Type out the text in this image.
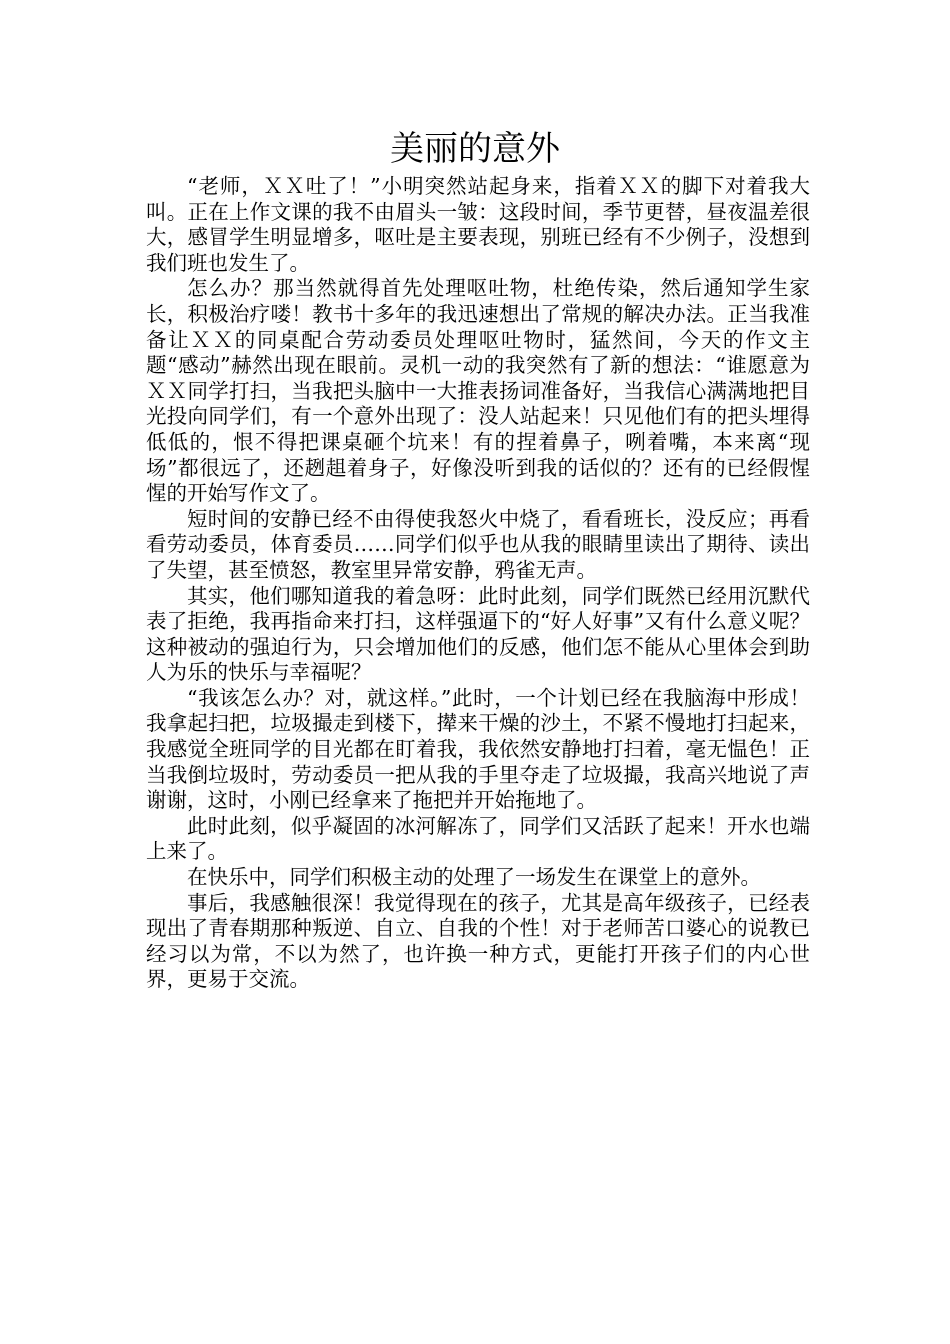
美丽的意外

“老师，ＸＸ吐了！”小明突然站起身来，指着ＸＸ的脚下对着我大叫。正在上作文课的我不由眉头一皱：这段时间，季节更替，昼夜温差很大，感冒学生明显增多，呕吐是主要表现，别班已经有不少例子，没想到我们班也发生了。

怎么办？那当然就得首先处理呕吐物，杜绝传染，然后通知学生家长，积极治疗喽！教书十多年的我迅速想出了常规的解决办法。正当我准备让ＸＸ的同桌配合劳动委员处理呕吐物时，猛然间，今天的作文主题“感动”赫然出现在眼前。灵机一动的我突然有了新的想法：“谁愿意为ＸＸ同学打扫，当我把头脑中一大推表扬词准备好，当我信心满满地把目光投向同学们，有一个意外出现了：没人站起来！只见他们有的把头埋得低低的，恨不得把课桌砸个坑来！有的捏着鼻子，咧着嘴，本来离“现场”都很远了，还趔趄着身子，好像没听到我的话似的？还有的已经假惺惺的开始写作文了。

短时间的安静已经不由得使我怒火中烧了，看看班长，没反应；再看看劳动委员，体育委员……同学们似乎也从我的眼睛里读出了期待、读出了失望，甚至愤怒，教室里异常安静，鸦雀无声。

其实，他们哪知道我的着急呀：此时此刻，同学们既然已经用沉默代表了拒绝，我再指命来打扫，这样强逼下的“好人好事”又有什么意义呢？这种被动的强迫行为，只会增加他们的反感，他们怎不能从心里体会到助人为乐的快乐与幸福呢？

“我该怎么办？对，就这样。”此时，一个计划已经在我脑海中形成！我拿起扫把，垃圾撮走到楼下，撵来干燥的沙土，不紧不慢地打扫起来，我感觉全班同学的目光都在盯着我，我依然安静地打扫着，毫无愠色！正当我倒垃圾时，劳动委员一把从我的手里夺走了垃圾撮，我高兴地说了声谢谢，这时，小刚已经拿来了拖把并开始拖地了。

此时此刻，似乎凝固的冰河解冻了，同学们又活跃了起来！开水也端上来了。

在快乐中，同学们积极主动的处理了一场发生在课堂上的意外。

事后，我感触很深！我觉得现在的孩子，尤其是高年级孩子，已经表现出了青春期那种叛逆、自立、自我的个性！对于老师苦口婆心的说教已经习以为常，不以为然了，也许换一种方式，更能打开孩子们的内心世界，更易于交流。
